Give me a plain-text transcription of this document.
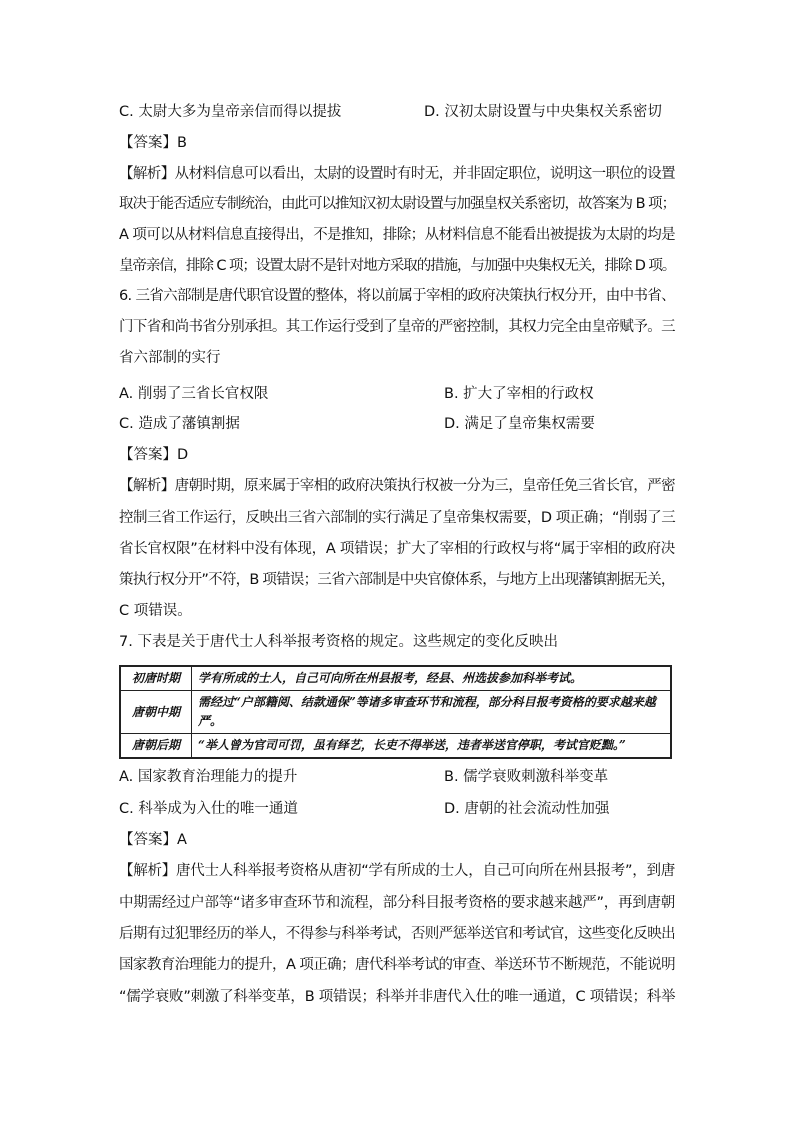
C. 太尉大多为皇帝亲信而得以提拔	D. 汉初太尉设置与中央集权关系密切
【答案】B
【解析】从材料信息可以看出，太尉的设置时有时无，并非固定职位，说明这一职位的设置
取决于能否适应专制统治，由此可以推知汉初太尉设置与加强皇权关系密切，故答案为 B 项；
A 项可以从材料信息直接得出，不是推知，排除；从材料信息不能看出被提拔为太尉的均是
皇帝亲信，排除 C 项；设置太尉不是针对地方采取的措施，与加强中央集权无关，排除 D 项。
6. 三省六部制是唐代职官设置的整体，将以前属于宰相的政府决策执行权分开，由中书省、
门下省和尚书省分别承担。其工作运行受到了皇帝的严密控制，其权力完全由皇帝赋予。三
省六部制的实行
A. 削弱了三省长官权限	B. 扩大了宰相的行政权
C. 造成了藩镇割据	D. 满足了皇帝集权需要
【答案】D
【解析】唐朝时期，原来属于宰相的政府决策执行权被一分为三，皇帝任免三省长官，严密
控制三省工作运行，反映出三省六部制的实行满足了皇帝集权需要，D 项正确；“削弱了三
省长官权限”在材料中没有体现，A 项错误；扩大了宰相的行政权与将“属于宰相的政府决
策执行权分开”不符，B 项错误；三省六部制是中央官僚体系，与地方上出现藩镇割据无关，
C 项错误。
7. 下表是关于唐代士人科举报考资格的规定。这些规定的变化反映出
初唐时期	学有所成的士人，自己可向所在州县报考，经县、州选拔参加科举考试。
唐朝中期	需经过“户部籍阅、结款通保”等诸多审查环节和流程，部分科目报考资格的要求越来越严。
唐朝后期	“举人曾为官司可罚，虽有绎艺，长吏不得举送，违者举送官停职，考试官贬黜。”
A. 国家教育治理能力的提升	B. 儒学衰败刺激科举变革
C. 科举成为入仕的唯一通道	D. 唐朝的社会流动性加强
【答案】A
【解析】唐代士人科举报考资格从唐初“学有所成的士人，自己可向所在州县报考”，到唐
中期需经过户部等“诸多审查环节和流程，部分科目报考资格的要求越来越严”，再到唐朝
后期有过犯罪经历的举人，不得参与科举考试，否则严惩举送官和考试官，这些变化反映出
国家教育治理能力的提升，A 项正确；唐代科举考试的审查、举送环节不断规范，不能说明
“儒学衰败”刺激了科举变革，B 项错误；科举并非唐代入仕的唯一通道，C 项错误；科举
